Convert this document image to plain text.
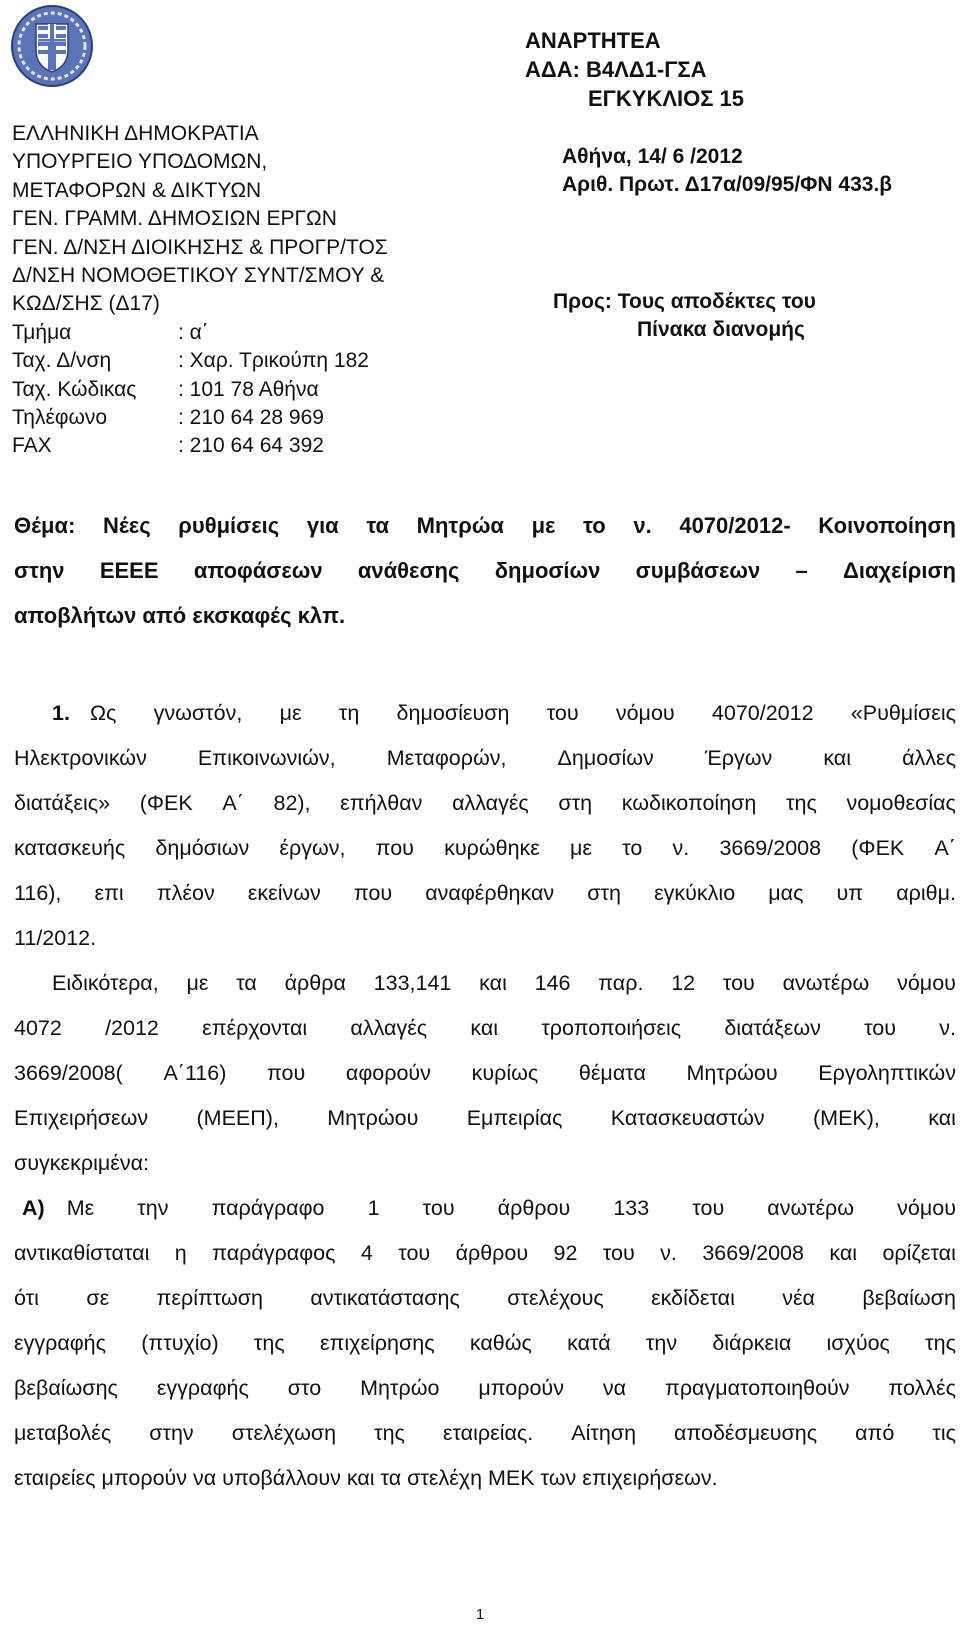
ΕΛΛΗΝΙΚΗ ΔΗΜΟΚΡΑΤΙΑ
ΥΠΟΥΡΓΕΙΟ ΥΠΟΔΟΜΩΝ,
ΜΕΤΑΦΟΡΩΝ & ΔΙΚΤΥΩΝ
ΓΕΝ. ΓΡΑΜΜ. ΔΗΜΟΣΙΩΝ ΕΡΓΩΝ
ΓΕΝ. Δ/ΝΣΗ ΔΙΟΙΚΗΣΗΣ & ΠΡΟΓΡ/ΤΟΣ
Δ/ΝΣΗ ΝΟΜΟΘΕΤΙΚΟΥ ΣΥΝΤ/ΣΜΟΥ &
ΚΩΔ/ΣΗΣ (Δ17)
Τμήμα	: α΄
Ταχ. Δ/νση	: Χαρ. Τρικούπη 182
Ταχ. Κώδικας : 101 78 Αθήνα
Τηλέφωνο	: 210 64 28 969
FAX	: 210 64 64 392
ΑΝΑΡΤΗΤΕΑ
ΑΔΑ: Β4ΛΔ1-ΓΣΑ
ΕΓΚΥΚΛΙΟΣ 15
Αθήνα, 14/ 6 /2012
Αριθ. Πρωτ. Δ17α/09/95/ΦΝ 433.β
Προς: Τους αποδέκτες του
Πίνακα διανομής
Θέμα: Νέες ρυθμίσεις για τα Μητρώα με το ν. 4070/2012- Κοινοποίηση
στην ΕΕΕΕ αποφάσεων ανάθεσης δημοσίων συμβάσεων – Διαχείριση
αποβλήτων από εκσκαφές κλπ.
1. Ως γνωστόν, με τη δημοσίευση του νόμου 4070/2012 «Ρυθμίσεις
Ηλεκτρονικών Επικοινωνιών, Μεταφορών, Δημοσίων Έργων και άλλες
διατάξεις» (ΦΕΚ Α΄ 82), επήλθαν αλλαγές στη κωδικοποίηση της νομοθεσίας
κατασκευής δημόσιων έργων, που κυρώθηκε με το ν. 3669/2008 (ΦΕΚ Α΄
116), επι πλέον εκείνων που αναφέρθηκαν στη εγκύκλιο μας υπ αριθμ.
11/2012.
Ειδικότερα, με τα άρθρα 133,141 και 146 παρ. 12 του ανωτέρω νόμου
4072 /2012 επέρχονται αλλαγές και τροποποιήσεις διατάξεων του ν.
3669/2008( Α΄116) που αφορούν κυρίως θέματα Μητρώου Εργοληπτικών
Επιχειρήσεων (ΜΕΕΠ), Μητρώου Εμπειρίας Κατασκευαστών (ΜΕΚ), και
συγκεκριμένα:
Α) Με την παράγραφο 1 του άρθρου 133 του ανωτέρω νόμου
αντικαθίσταται η παράγραφος 4 του άρθρου 92 του ν. 3669/2008 και ορίζεται
ότι σε περίπτωση αντικατάστασης στελέχους εκδίδεται νέα βεβαίωση
εγγραφής (πτυχίο) της επιχείρησης καθώς κατά την διάρκεια ισχύος της
βεβαίωσης εγγραφής στο Μητρώο μπορούν να πραγματοποιηθούν πολλές
μεταβολές στην στελέχωση της εταιρείας. Αίτηση αποδέσμευσης από τις
εταιρείες μπορούν να υποβάλλουν και τα στελέχη ΜΕΚ των επιχειρήσεων.
1
